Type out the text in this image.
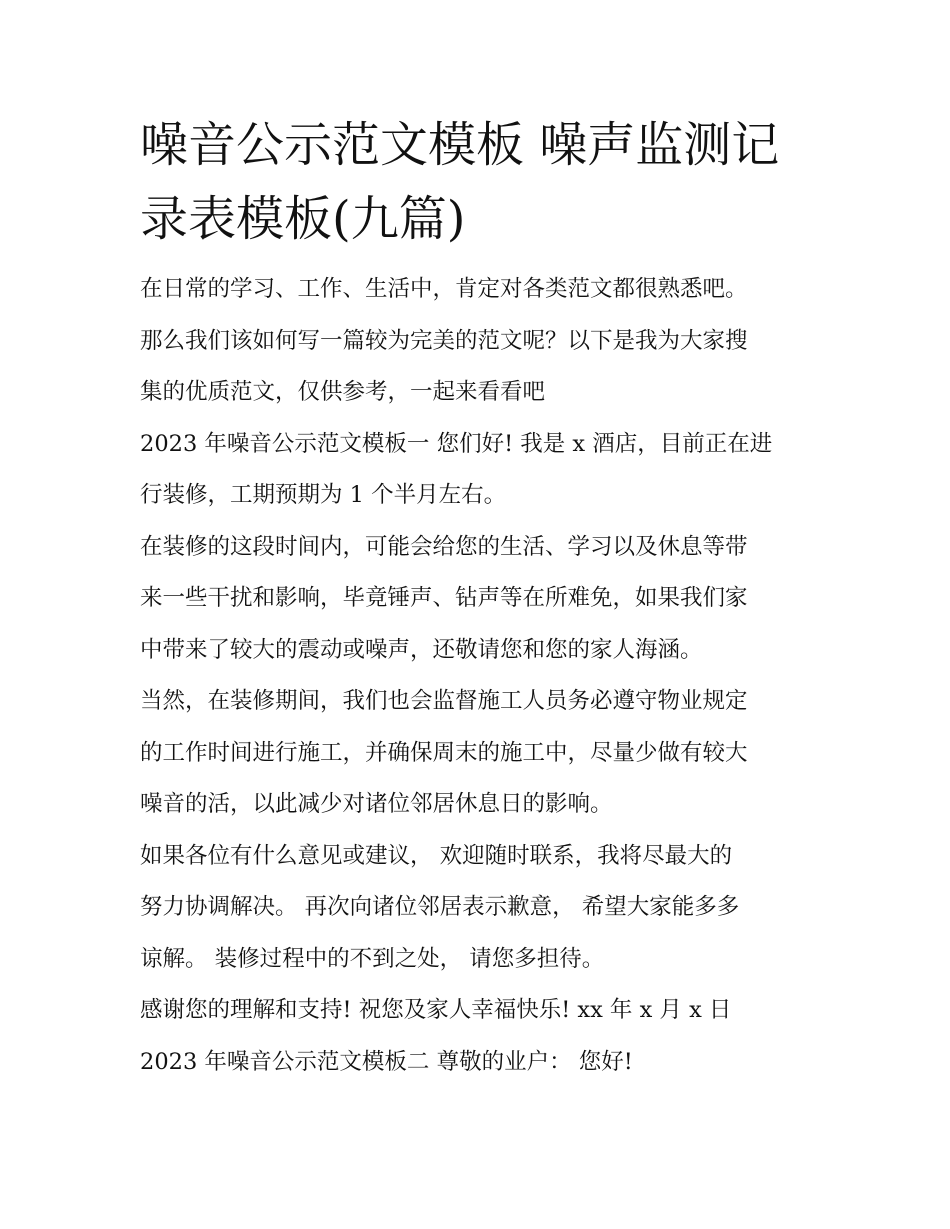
噪音公示范文模板 噪声监测记
录表模板(九篇)

在日常的学习、工作、生活中，肯定对各类范文都很熟悉吧。
那么我们该如何写一篇较为完美的范文呢？以下是我为大家搜
集的优质范文，仅供参考，一起来看看吧

2023 年噪音公示范文模板一 您们好! 我是 x 酒店，目前正在进
行装修，工期预期为 1 个半月左右。

在装修的这段时间内，可能会给您的生活、学习以及休息等带
来一些干扰和影响，毕竟锤声、钻声等在所难免，如果我们家
中带来了较大的震动或噪声，还敬请您和您的家人海涵。

当然，在装修期间，我们也会监督施工人员务必遵守物业规定
的工作时间进行施工，并确保周末的施工中，尽量少做有较大
噪音的活，以此减少对诸位邻居休息日的影响。

如果各位有什么意见或建议， 欢迎随时联系，我将尽最大的
努力协调解决。 再次向诸位邻居表示歉意， 希望大家能多多
谅解。 装修过程中的不到之处， 请您多担待。

感谢您的理解和支持! 祝您及家人幸福快乐! xx 年 x 月 x 日

2023 年噪音公示范文模板二 尊敬的业户： 您好!
